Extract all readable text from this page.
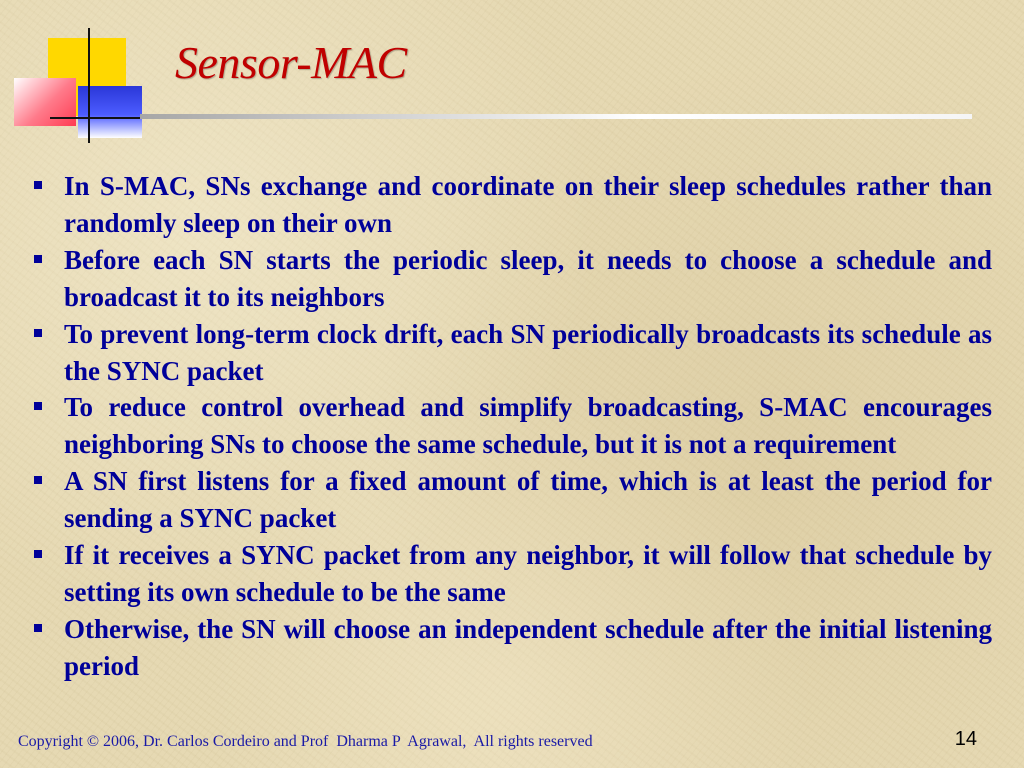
Sensor-MAC
In S-MAC, SNs exchange and coordinate on their sleep schedules rather than randomly sleep on their own
Before each SN starts the periodic sleep, it needs to choose a schedule and broadcast it to its neighbors
To prevent long-term clock drift, each SN periodically broadcasts its schedule as the SYNC packet
To reduce control overhead and simplify broadcasting, S-MAC encourages neighboring SNs to choose the same schedule, but it is not a requirement
A SN first listens for a fixed amount of time, which is at least the period for sending a SYNC packet
If it receives a SYNC packet from any neighbor, it will follow that schedule by setting its own schedule to be the same
Otherwise, the SN will choose an independent schedule after the initial listening period
Copyright © 2006, Dr. Carlos Cordeiro and Prof  Dharma P  Agrawal,  All rights reserved	14
